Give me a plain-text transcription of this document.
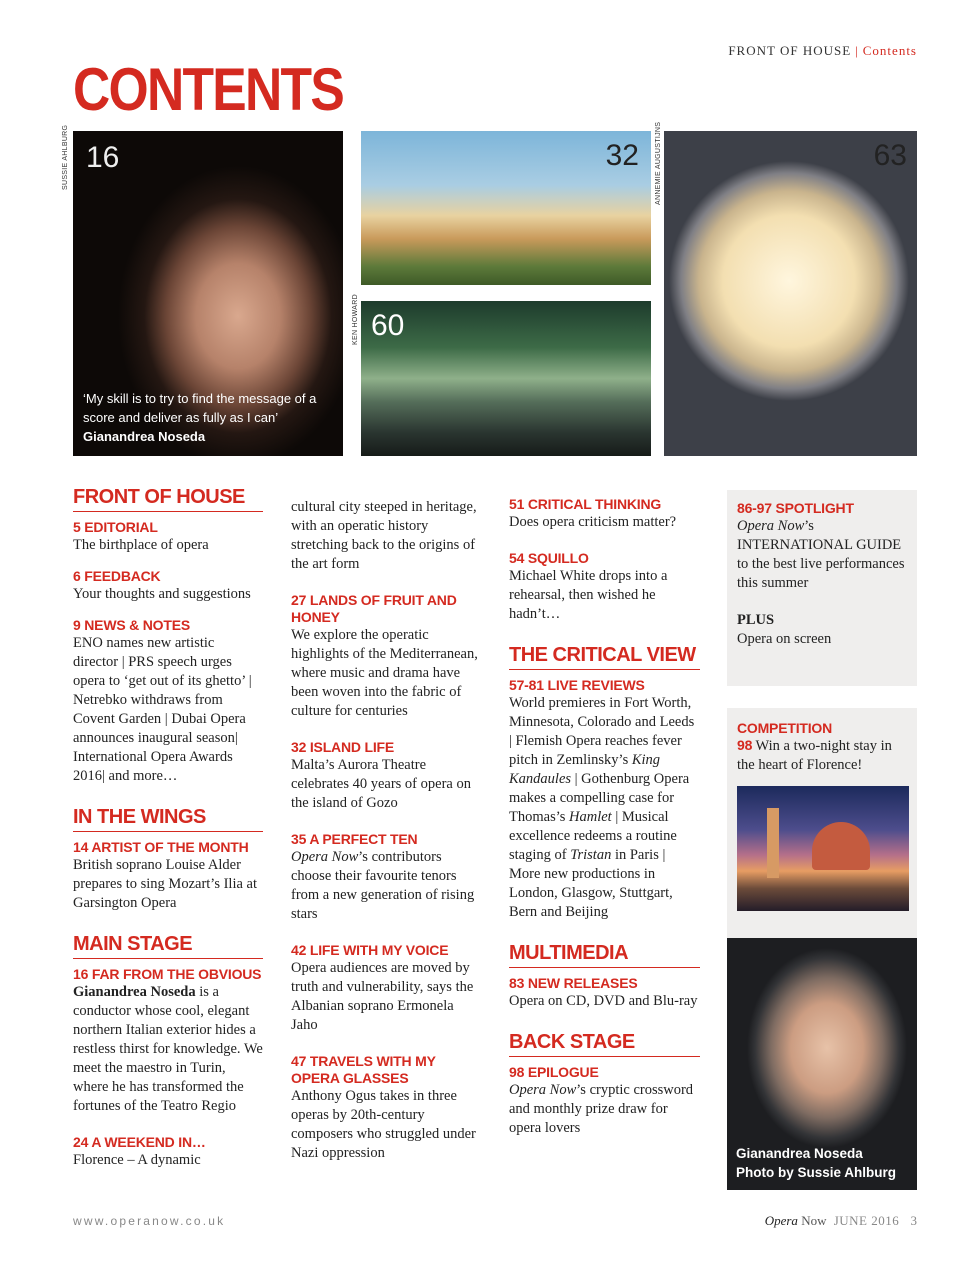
FRONT OF HOUSE | Contents
CONTENTS
SUSSIE AHLBURG 16
‘My skill is to try to find the message of a score and deliver as fully as I can’ Gianandrea Noseda
32
KEN HOWARD 60
ANNEMIE AUGUSTIJNS	63
FRONT OF HOUSE
5 EDITORIAL

The birthplace of opera

6 FEEDBACK

Your thoughts and suggestions

9 NEWS & NOTES

ENO names new artistic director | PRS speech urges opera to ‘get out of its ghetto’ | Netrebko withdraws from Covent Garden | Dubai Opera announces inaugural season| International Opera Awards 2016| and more…

IN THE WINGS
14 ARTIST OF THE MONTH

British soprano Louise Alder prepares to sing Mozart’s Ilia at Garsington Opera

MAIN STAGE
16 FAR FROM THE OBVIOUS

Gianandrea Noseda is a conductor whose cool, elegant northern Italian exterior hides a restless thirst for knowledge. We meet the maestro in Turin, where he has transformed the fortunes of the Teatro Regio

24 A WEEKEND IN…

Florence – A dynamic

cultural city steeped in heritage, with an operatic history stretching back to the origins of the art form

27 LANDS OF FRUIT AND HONEY

We explore the operatic highlights of the Mediterranean, where music and drama have been woven into the fabric of culture for centuries

32 ISLAND LIFE

Malta’s Aurora Theatre celebrates 40 years of opera on the island of Gozo

35 A PERFECT TEN

Opera Now’s contributors choose their favourite tenors from a new generation of rising stars

42 LIFE WITH MY VOICE

Opera audiences are moved by truth and vulnerability, says the Albanian soprano Ermonela Jaho

47 TRAVELS WITH MY OPERA GLASSES

Anthony Ogus takes in three operas by 20th-century composers who struggled under Nazi oppression

51 CRITICAL THINKING

Does opera criticism matter?

54 SQUILLO

Michael White drops into a rehearsal, then wished he hadn’t…

THE CRITICAL VIEW
57-81 LIVE REVIEWS

World premieres in Fort Worth, Minnesota, Colorado and Leeds | Flemish Opera reaches fever pitch in Zemlinsky’s King Kandaules | Gothenburg Opera makes a compelling case for Thomas’s Hamlet | Musical excellence redeems a routine staging of Tristan in Paris | More new productions in London, Glasgow, Stuttgart, Bern and Beijing

MULTIMEDIA
83 NEW RELEASES

Opera on CD, DVD and Blu-ray

BACK STAGE
98 EPILOGUE

Opera Now’s cryptic crossword and monthly prize draw for opera lovers

86-97 SPOTLIGHT

Opera Now’s

INTERNATIONAL GUIDE

to the best live performances this summer

PLUS

Opera on screen

COMPETITION

98 Win a two-night stay in the heart of Florence!

Gianandrea Noseda
Photo by Sussie Ahlburg
www.operanow.co.uk	Opera Now JUNE 2016 3
